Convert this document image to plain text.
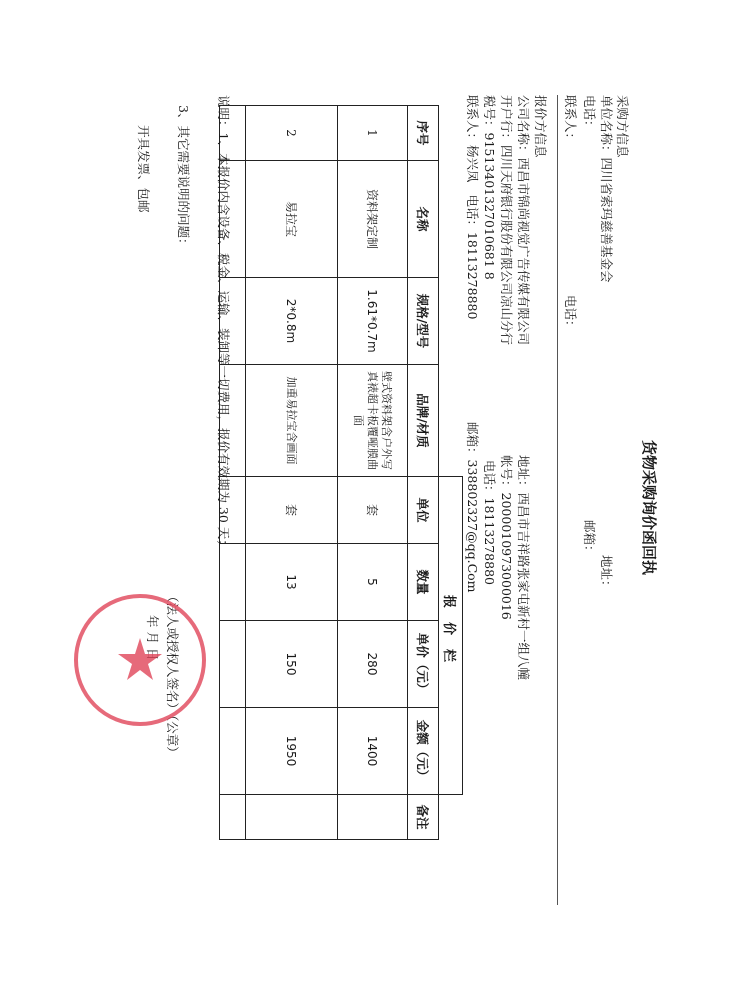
货物采购询价函回执
采购方信息
单位名称：四川省索玛慈善基金会
地址：
电话：
邮箱：
联系人：
电话：
报价方信息
公司名称：西昌市锦尚视觉广告传媒有限公司
地址：西昌市吉祥路张家屯新村一组八幢
开户行：四川天府银行股份有限公司凉山分行
帐号：2000010973000016
税号：91513401327010681 8
电话：18113278880
联系人：杨兴凤   电话：18113278880
邮箱：338802327@qq.Com
				报价栏				
序号	名称	规格/型号	品牌/材质	单位	数量	单价（元）	金额（元）	备注
1	资料架定制	1.61*0.7m	壁式资料架含户外写真裱超卡板覆哑膜曲面	套	5	280	1400	
2	易拉宝	2*0.8m	加重易拉宝含画面	套	13	150	1950	

说明：1、本报价内含设备、税金、运输、装卸等一切费用，报价有效期为 30 天；
3、其它需要说明的问题：
开具发票、包邮
（法人或授权人签名）（公章）
年 月 日
